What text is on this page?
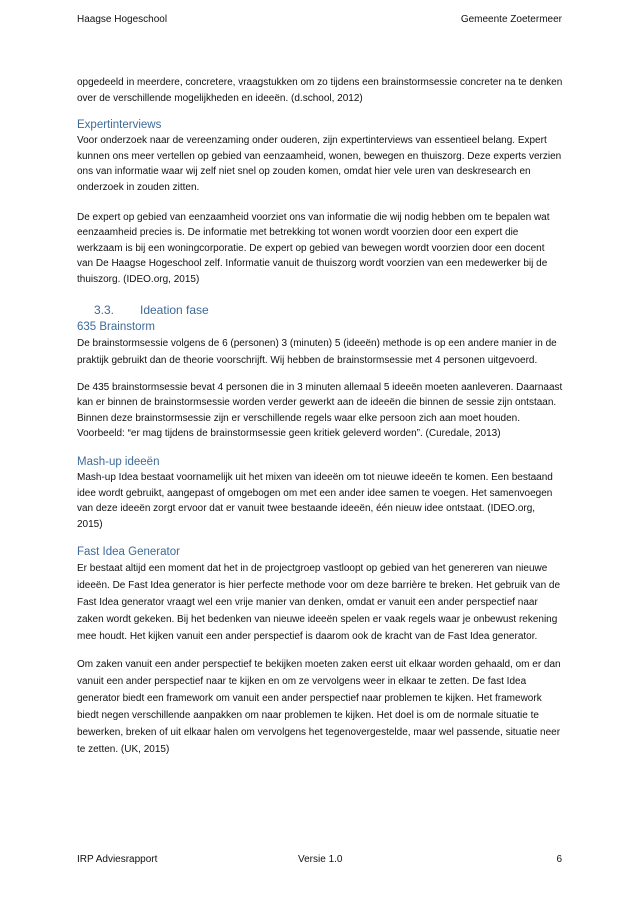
Haagse Hogeschool	Gemeente Zoetermeer

opgedeeld in meerdere, concretere, vraagstukken om zo tijdens een brainstormsessie concreter na te denken over de verschillende mogelijkheden en ideeën. (d.school, 2012)

Expertinterviews

Voor onderzoek naar de vereenzaming onder ouderen, zijn expertinterviews van essentieel belang. Expert kunnen ons meer vertellen op gebied van eenzaamheid, wonen, bewegen en thuiszorg. Deze experts verzien ons van informatie waar wij zelf niet snel op zouden komen, omdat hier vele uren van deskresearch en onderzoek in zouden zitten.

De expert op gebied van eenzaamheid voorziet ons van informatie die wij nodig hebben om te bepalen wat eenzaamheid precies is. De informatie met betrekking tot wonen wordt voorzien door een expert die werkzaam is bij een woningcorporatie. De expert op gebied van bewegen wordt voorzien door een docent van De Haagse Hogeschool zelf. Informatie vanuit de thuiszorg wordt voorzien van een medewerker bij de thuiszorg. (IDEO.org, 2015)

3.3. Ideation fase
635 Brainstorm

De brainstormsessie volgens de 6 (personen) 3 (minuten) 5 (ideeën) methode is op een andere manier in de praktijk gebruikt dan de theorie voorschrijft. Wij hebben de brainstormsessie met 4 personen uitgevoerd.

De 435 brainstormsessie bevat 4 personen die in 3 minuten allemaal 5 ideeën moeten aanleveren. Daarnaast kan er binnen de brainstormsessie worden verder gewerkt aan de ideeën die binnen de sessie zijn ontstaan. Binnen deze brainstormsessie zijn er verschillende regels waar elke persoon zich aan moet houden. Voorbeeld: “er mag tijdens de brainstormsessie geen kritiek geleverd worden”. (Curedale, 2013)

Mash-up ideeën

Mash-up Idea bestaat voornamelijk uit het mixen van ideeën om tot nieuwe ideeën te komen. Een bestaand idee wordt gebruikt, aangepast of omgebogen om met een ander idee samen te voegen. Het samenvoegen van deze ideeën zorgt ervoor dat er vanuit twee bestaande ideeën, één nieuw idee ontstaat. (IDEO.org, 2015)

Fast Idea Generator

Er bestaat altijd een moment dat het in de projectgroep vastloopt op gebied van het genereren van nieuwe ideeën. De Fast Idea generator is hier perfecte methode voor om deze barrière te breken. Het gebruik van de Fast Idea generator vraagt wel een vrije manier van denken, omdat er vanuit een ander perspectief naar zaken wordt gekeken. Bij het bedenken van nieuwe ideeën spelen er vaak regels waar je onbewust rekening mee houdt. Het kijken vanuit een ander perspectief is daarom ook de kracht van de Fast Idea generator.

Om zaken vanuit een ander perspectief te bekijken moeten zaken eerst uit elkaar worden gehaald, om er dan vanuit een ander perspectief naar te kijken en om ze vervolgens weer in elkaar te zetten. De fast Idea generator biedt een framework om vanuit een ander perspectief naar problemen te kijken. Het framework biedt negen verschillende aanpakken om naar problemen te kijken. Het doel is om de normale situatie te bewerken, breken of uit elkaar halen om vervolgens het tegenovergestelde, maar wel passende, situatie neer te zetten. (UK, 2015)

IRP Adviesrapport	Versie 1.0	6
